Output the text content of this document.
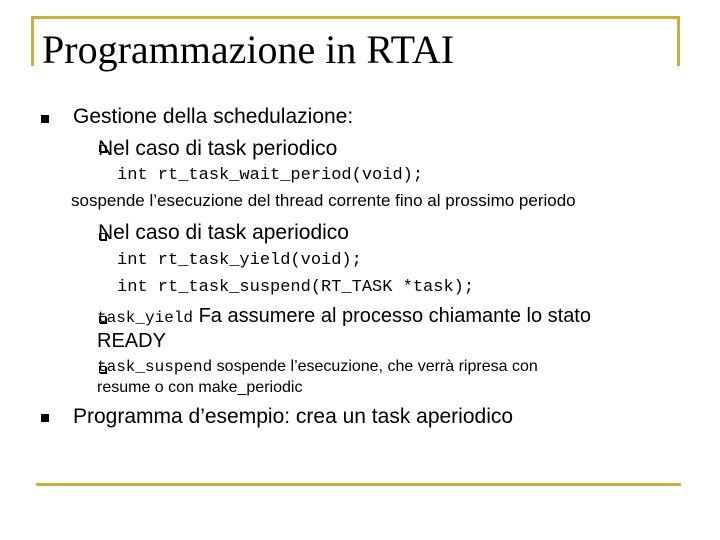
Programmazione in RTAI
Gestione della schedulazione:
Nel caso di task periodico
int rt_task_wait_period(void);
sospende l’esecuzione del thread corrente fino al prossimo periodo
Nel caso di task aperiodico
int rt_task_yield(void);
int rt_task_suspend(RT_TASK *task);
task_yield Fa assumere al processo chiamante lo stato
READY
task_suspend sospende l’esecuzione, che verrà ripresa con
resume o con make_periodic
Programma d’esempio: crea un task aperiodico
